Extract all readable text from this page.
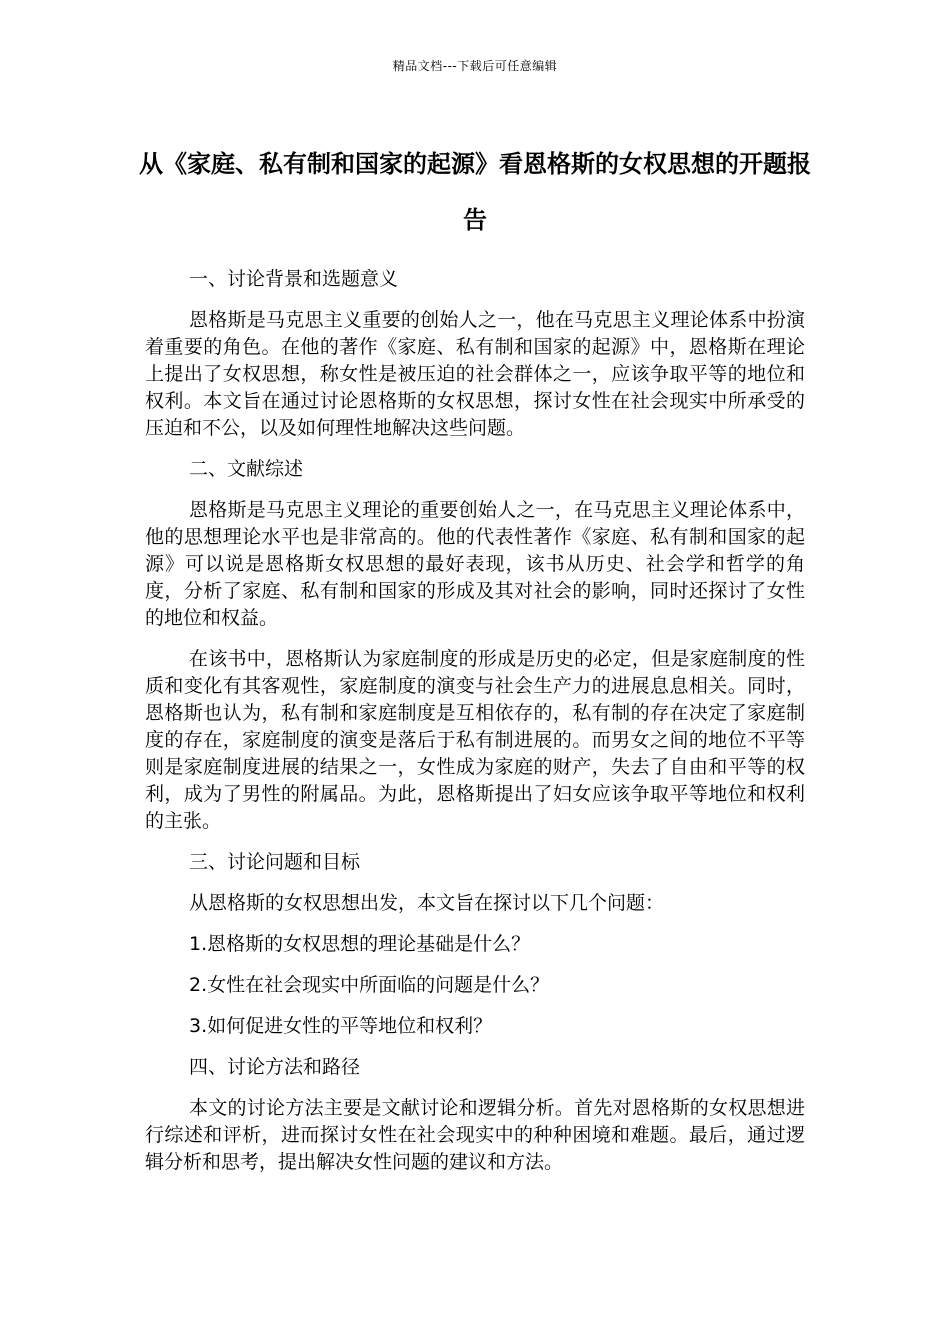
精品文档---下载后可任意编辑
从《家庭、私有制和国家的起源》看恩格斯的女权思想的开题报告
一、讨论背景和选题意义

恩格斯是马克思主义重要的创始人之一，他在马克思主义理论体系中扮演着重要的角色。在他的著作《家庭、私有制和国家的起源》中，恩格斯在理论上提出了女权思想，称女性是被压迫的社会群体之一，应该争取平等的地位和权利。本文旨在通过讨论恩格斯的女权思想，探讨女性在社会现实中所承受的压迫和不公，以及如何理性地解决这些问题。

二、文献综述

恩格斯是马克思主义理论的重要创始人之一，在马克思主义理论体系中，他的思想理论水平也是非常高的。他的代表性著作《家庭、私有制和国家的起源》可以说是恩格斯女权思想的最好表现，该书从历史、社会学和哲学的角度，分析了家庭、私有制和国家的形成及其对社会的影响，同时还探讨了女性的地位和权益。

在该书中，恩格斯认为家庭制度的形成是历史的必定，但是家庭制度的性质和变化有其客观性，家庭制度的演变与社会生产力的进展息息相关。同时，恩格斯也认为，私有制和家庭制度是互相依存的，私有制的存在决定了家庭制度的存在，家庭制度的演变是落后于私有制进展的。而男女之间的地位不平等则是家庭制度进展的结果之一，女性成为家庭的财产，失去了自由和平等的权利，成为了男性的附属品。为此，恩格斯提出了妇女应该争取平等地位和权利的主张。

三、讨论问题和目标
从恩格斯的女权思想出发，本文旨在探讨以下几个问题：
1.恩格斯的女权思想的理论基础是什么？
2.女性在社会现实中所面临的问题是什么？
3.如何促进女性的平等地位和权利？
四、讨论方法和路径

本文的讨论方法主要是文献讨论和逻辑分析。首先对恩格斯的女权思想进行综述和评析，进而探讨女性在社会现实中的种种困境和难题。最后，通过逻辑分析和思考，提出解决女性问题的建议和方法。
